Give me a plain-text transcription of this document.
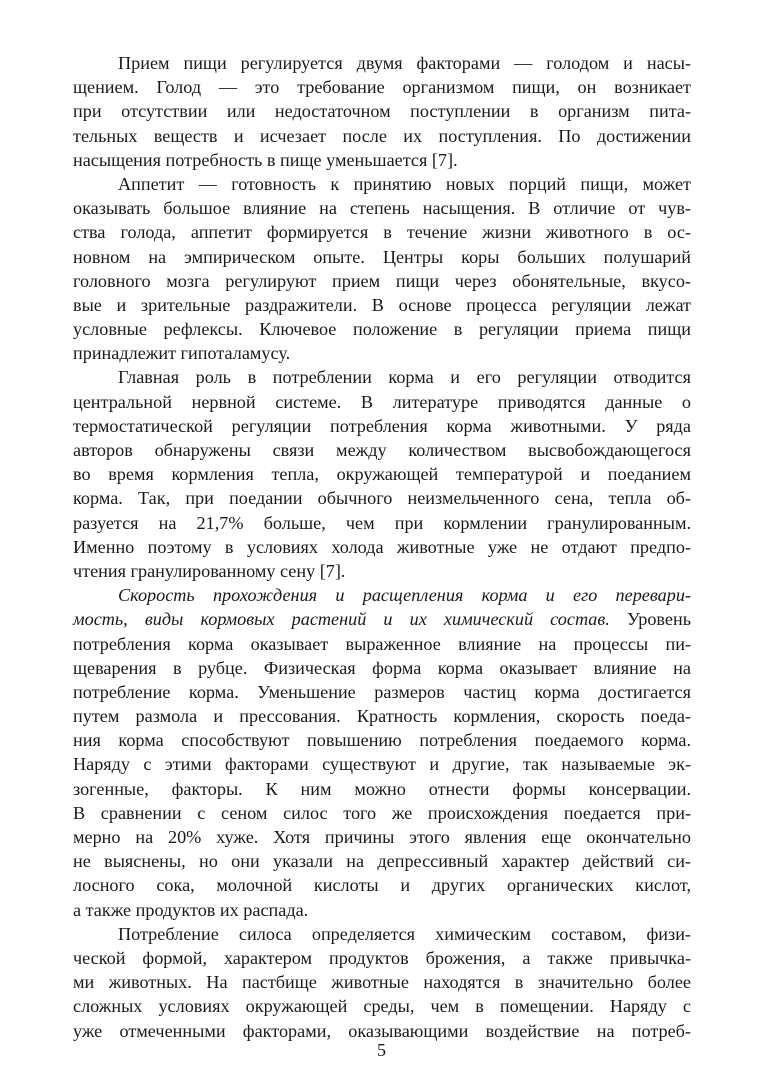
Прием пищи регулируется двумя факторами — голодом и насы-
щением. Голод — это требование организмом пищи, он возникает
при отсутствии или недостаточном поступлении в организм пита-
тельных веществ и исчезает после их поступления. По достижении
насыщения потребность в пище уменьшается [7].
Аппетит — готовность к принятию новых порций пищи, может
оказывать большое влияние на степень насыщения. В отличие от чув-
ства голода, аппетит формируется в течение жизни животного в ос-
новном на эмпирическом опыте. Центры коры больших полушарий
головного мозга регулируют прием пищи через обонятельные, вкусо-
вые и зрительные раздражители. В основе процесса регуляции лежат
условные рефлексы. Ключевое положение в регуляции приема пищи
принадлежит гипоталамусу.
Главная роль в потреблении корма и его регуляции отводится
центральной нервной системе. В литературе приводятся данные о
термостатической регуляции потребления корма животными. У ряда
авторов обнаружены связи между количеством высвобождающегося
во время кормления тепла, окружающей температурой и поеданием
корма. Так, при поедании обычного неизмельченного сена, тепла об-
разуется на 21,7% больше, чем при кормлении гранулированным.
Именно поэтому в условиях холода животные уже не отдают предпо-
чтения гранулированному сену [7].
Скорость прохождения и расщепления корма и его перевари-
мость, виды кормовых растений и их химический состав. Уровень
потребления корма оказывает выраженное влияние на процессы пи-
щеварения в рубце. Физическая форма корма оказывает влияние на
потребление корма. Уменьшение размеров частиц корма достигается
путем размола и прессования. Кратность кормления, скорость поеда-
ния корма способствуют повышению потребления поедаемого корма.
Наряду с этими факторами существуют и другие, так называемые эк-
зогенные, факторы. К ним можно отнести формы консервации.
В сравнении с сеном силос того же происхождения поедается при-
мерно на 20% хуже. Хотя причины этого явления еще окончательно
не выяснены, но они указали на депрессивный характер действий си-
лосного сока, молочной кислоты и других органических кислот,
а также продуктов их распада.
Потребление силоса определяется химическим составом, физи-
ческой формой, характером продуктов брожения, а также привычка-
ми животных. На пастбище животные находятся в значительно более
сложных условиях окружающей среды, чем в помещении. Наряду с
уже отмеченными факторами, оказывающими воздействие на потреб-
5
